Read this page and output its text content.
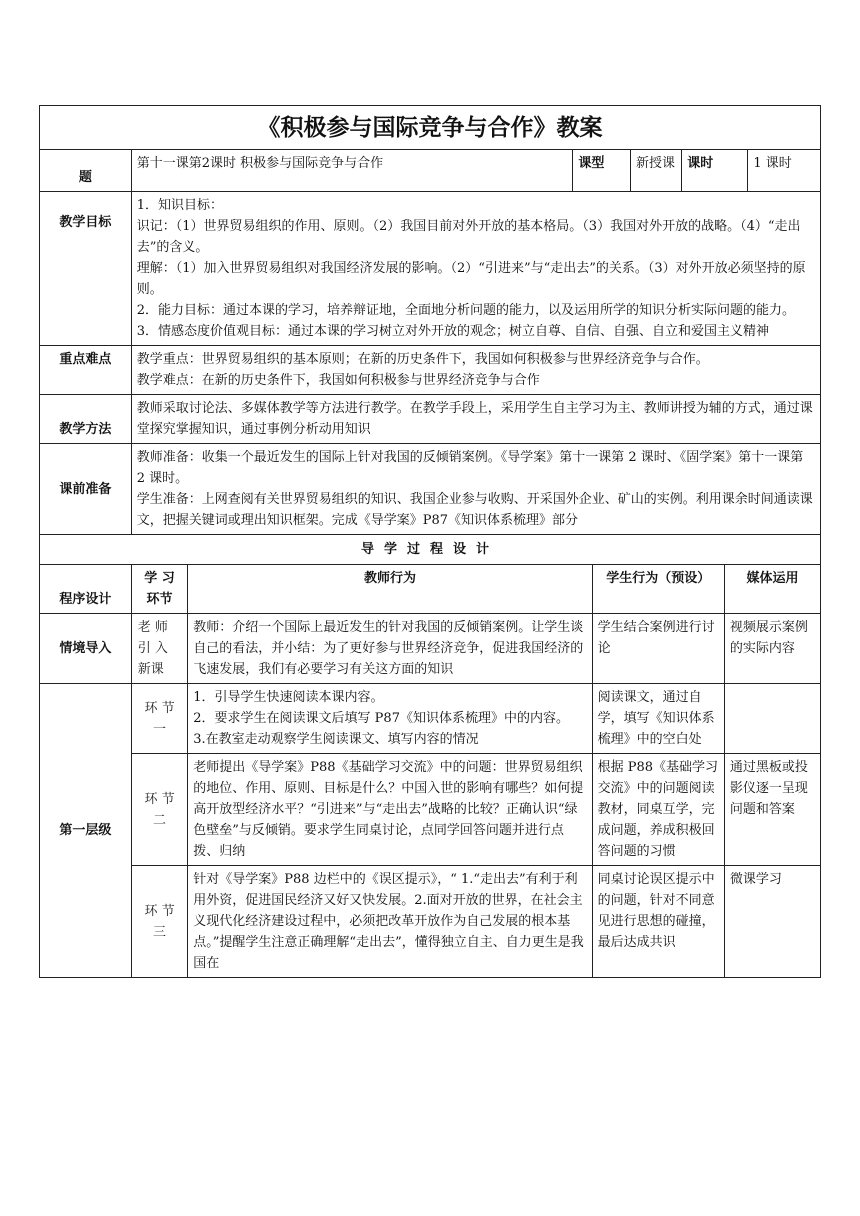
《积极参与国际竞争与合作》教案								
题	第十一课第2课时 积极参与国际竞争与合作		课型		新授课	课时		1 课时
教学目标	1．知识目标：

识记：（1）世界贸易组织的作用、原则。（2）我国目前对外开放的基本格局。（3）我国对外开放的战略。（4）“走出去”的含义。

理解：（1）加入世界贸易组织对我国经济发展的影响。（2）“引进来”与“走出去”的关系。（3）对外开放必须坚持的原则。

2．能力目标：通过本课的学习，培养辩证地，全面地分析问题的能力，以及运用所学的知识分析实际问题的能力。

3．情感态度价值观目标：通过本课的学习树立对外开放的观念；树立自尊、自信、自强、自立和爱国主义精神							

重点难点	教学重点：世界贸易组织的基本原则；在新的历史条件下，我国如何积极参与世界经济竞争与合作。

教学难点：在新的历史条件下，我国如何积极参与世界经济竞争与合作							

教学方法	教师采取讨论法、多媒体教学等方法进行教学。在教学手段上，采用学生自主学习为主、教师讲授为辅的方式，通过课堂探究掌握知识，通过事例分析动用知识							
课前准备	教师准备：收集一个最近发生的国际上针对我国的反倾销案例。《导学案》第十一课第 2 课时、《固学案》第十一课第 2 课时。

学生准备：上网查阅有关世界贸易组织的知识、我国企业参与收购、开采国外企业、矿山的实例。利用课余时间通读课文，把握关键词或理出知识框架。完成《导学案》P87《知识体系梳理》部分							

导学过程设计								
程序设计	学 习 环节	教师行为		学生行为（预设）			媒体运用	
情境导入	老 师 引 入 新课	教师：介绍一个国际上最近发生的针对我国的反倾销案例。让学生谈自己的看法，并小结：为了更好参与世界经济竞争，促进我国经济的飞速发展，我们有必要学习有关这方面的知识		学生结合案例进行讨论			视频展示案例的实际内容	
第一层级	环 节 一	1．引导学生快速阅读本课内容。

2．要求学生在阅读课文后填写 P87《知识体系梳理》中的内容。

3.在教室走动观察学生阅读课文、填写内容的情况		阅读课文，通过自学，填写《知识体系梳理》中的空白处				
	环 节 二	老师提出《导学案》P88《基础学习交流》中的问题：世界贸易组织的地位、作用、原则、目标是什么？中国入世的影响有哪些？如何提高开放型经济水平？“引进来”与“走出去”战略的比较？正确认识“绿色壁垒”与反倾销。要求学生同桌讨论，点同学回答问题并进行点拨、归纳		根据 P88《基础学习交流》中的问题阅读教材，同桌互学，完成问题，养成积极回答问题的习惯			通过黑板或投影仪逐一呈现问题和答案	
	环 节 三	针对《导学案》P88 边栏中的《误区提示》，“ 1.“走出去”有利于利用外资，促进国民经济又好又快发展。2.面对开放的世界，在社会主义现代化经济建设过程中，必须把改革开放作为自己发展的根本基点。”提醒学生注意正确理解“走出去”，懂得独立自主、自力更生是我国在		同桌讨论误区提示中的问题，针对不同意见进行思想的碰撞，最后达成共识			微课学习	
